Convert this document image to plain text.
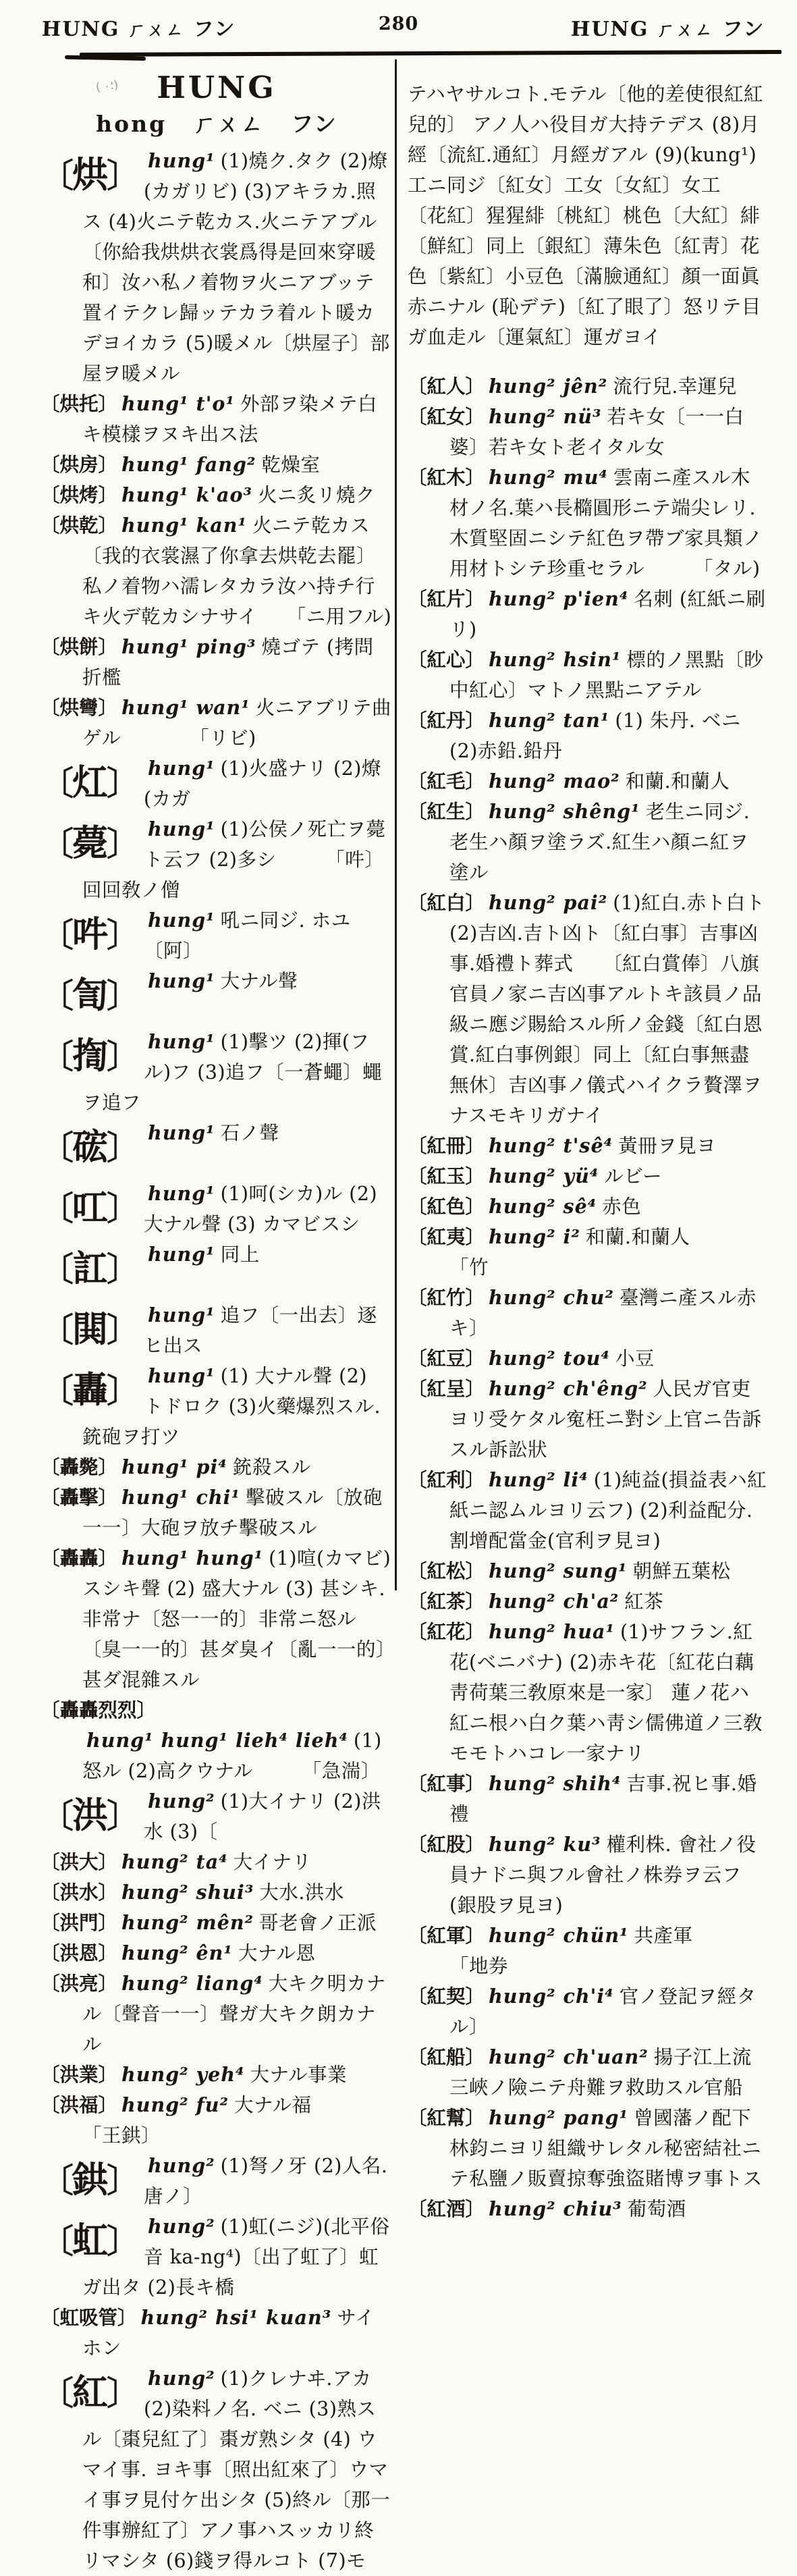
HUNG ㄏㄨㄥ フン	280	HUNG ㄏㄨㄥ フン
( ؛٠)	HUNG
hong ㄏㄨㄥ フン

〔烘〕 hung¹ (1)燒ク.タク (2)燎(カガリビ) (3)アキラカ.照ス (4)火ニテ乾カス.火ニテアブル〔你給我烘烘衣裳爲得是回來穿暖和〕汝ハ私ノ着物ヲ火ニアブッテ置イテクレ歸ッテカラ着ルト暖カデヨイカラ (5)暖メル〔烘屋子〕部屋ヲ暖メル

〔烘托〕 hung¹ t'o¹ 外部ヲ染メテ白キ模樣ヲヌキ出ス法

〔烘房〕 hung¹ fang² 乾燥室

〔烘烤〕 hung¹ k'ao³ 火ニ炙リ燒ク

〔烘乾〕 hung¹ kan¹ 火ニテ乾カス〔我的衣裳濕了你拿去烘乾去罷〕私ノ着物ハ濡レタカラ汝ハ持チ行キ火デ乾カシナサイ　　「ニ用フル)

〔烘餅〕 hung¹ ping³ 燒ゴテ (拷問折檻

〔烘彎〕 hung¹ wan¹ 火ニアブリテ曲ゲル　　　　「リビ)

〔灴〕 hung¹ (1)火盛ナリ (2)燎(カガ

〔薨〕 hung¹ (1)公侯ノ死亡ヲ薨ト云フ (2)多シ　　　「吽〕回回敎ノ僧

〔吽〕 hung¹ 吼ニ同ジ. ホユ　　〔阿〕

〔訇〕 hung¹ 大ナル聲

〔揈〕 hung¹ (1)擊ツ (2)揮(フル)フ (3)追フ〔一蒼蠅〕蠅ヲ追フ

〔硡〕 hung¹ 石ノ聲

〔叿〕 hung¹ (1)呵(シカ)ル (2)大ナル聲 (3) カマビスシ

〔訌〕 hung¹ 同上

〔閧〕 hung¹ 追フ〔一出去〕逐ヒ出ス

〔轟〕 hung¹ (1) 大ナル聲 (2) トドロク (3)火藥爆烈スル.銃砲ヲ打ツ

〔轟斃〕 hung¹ pi⁴ 銃殺スル

〔轟擊〕 hung¹ chi¹ 擊破スル〔放砲一一〕大砲ヲ放チ擊破スル

〔轟轟〕 hung¹ hung¹ (1)喧(カマビ)スシキ聲 (2) 盛大ナル (3) 甚シキ.非常ナ〔怒一一的〕非常ニ怒ル〔臭一一的〕甚ダ臭イ〔亂一一的〕甚ダ混雜スル

〔轟轟烈烈〕hung¹ hung¹ lieh⁴ lieh⁴ (1)怒ル (2)高クウナル　　　「急湍〕

〔洪〕 hung² (1)大イナリ (2)洪水 (3)〔

〔洪大〕 hung² ta⁴ 大イナリ

〔洪水〕 hung² shui³ 大水.洪水

〔洪門〕 hung² mên² 哥老會ノ正派

〔洪恩〕 hung² ên¹ 大ナル恩

〔洪亮〕 hung² liang⁴ 大キク明カナル〔聲音一一〕聲ガ大キク朗カナル

〔洪業〕 hung² yeh⁴ 大ナル事業

〔洪福〕 hung² fu² 大ナル福　　　「王鉷〕

〔鉷〕 hung² (1)弩ノ牙 (2)人名.唐ノ〕

〔虹〕 hung² (1)虹(ニジ)(北平俗音 ka-ng⁴)〔出了虹了〕虹ガ出タ (2)長キ橋

〔虹吸管〕 hung² hsi¹ kuan³ サイホン

〔紅〕 hung² (1)クレナヰ.アカ (2)染料ノ名. ベニ (3)熟スル〔棗兒紅了〕棗ガ熟シタ (4) ウマイ事. ヨキ事〔照出紅來了〕ウマイ事ヲ見付ケ出シタ (5)終ル〔那一件事辦紅了〕アノ事ハスッカリ終リマシタ (6)錢ヲ得ルコト (7)モ

テハヤサルコト.モテル〔他的差使很紅紅兒的〕 アノ人ハ役目ガ大持テデス (8)月經〔流紅.通紅〕月經ガアル (9)(kung¹) 工ニ同ジ〔紅女〕工女〔女紅〕女工　　〔花紅〕猩猩緋〔桃紅〕桃色〔大紅〕緋〔鮮紅〕同上〔銀紅〕薄朱色〔紅靑〕花色〔紫紅〕小豆色〔滿臉通紅〕顏一面眞赤ニナル (恥デテ)〔紅了眼了〕怒リテ目ガ血走ル〔運氣紅〕運ガヨイ

〔紅人〕 hung² jên² 流行兒.幸運兒

〔紅女〕 hung² nü³ 若キ女〔一一白婆〕若キ女ト老イタル女

〔紅木〕 hung² mu⁴ 雲南ニ產スル木材ノ名.葉ハ長橢圓形ニテ端尖レリ.木質堅固ニシテ紅色ヲ帶ブ家具類ノ用材トシテ珍重セラル　　　「タル)

〔紅片〕 hung² p'ien⁴ 名刺 (紅紙ニ刷リ)

〔紅心〕 hung² hsin¹ 標的ノ黑點〔眇中紅心〕マトノ黑點ニアテル

〔紅丹〕 hung² tan¹ (1) 朱丹. ベニ (2)赤鉛.鉛丹

〔紅毛〕 hung² mao² 和蘭.和蘭人

〔紅生〕 hung² shêng¹ 老生ニ同ジ.老生ハ顏ヲ塗ラズ.紅生ハ顏ニ紅ヲ塗ル

〔紅白〕 hung² pai² (1)紅白.赤ト白ト (2)吉凶.吉ト凶ト〔紅白事〕吉事凶事.婚禮ト葬式　　〔紅白賞俸〕八旗官員ノ家ニ吉凶事アルトキ該員ノ品級ニ應ジ賜給スル所ノ金錢〔紅白恩賞.紅白事例銀〕同上〔紅白事無盡無休〕吉凶事ノ儀式ハイクラ贅澤ヲナスモキリガナイ

〔紅冊〕 hung² t'sê⁴ 黃冊ヲ見ヨ

〔紅玉〕 hung² yü⁴ ルビー

〔紅色〕 hung² sê⁴ 赤色

〔紅夷〕 hung² i² 和蘭.和蘭人　　　「竹

〔紅竹〕 hung² chu² 臺灣ニ產スル赤キ〕

〔紅豆〕 hung² tou⁴ 小豆

〔紅呈〕 hung² ch'êng² 人民ガ官吏ヨリ受ケタル寃枉ニ對シ上官ニ告訴スル訴訟狀

〔紅利〕 hung² li⁴ (1)純益(損益表ハ紅紙ニ認ムルヨリ云フ) (2)利益配分. 割增配當金(官利ヲ見ヨ)

〔紅松〕 hung² sung¹ 朝鮮五葉松

〔紅茶〕 hung² ch'a² 紅茶

〔紅花〕 hung² hua¹ (1)サフラン.紅花(ベニバナ) (2)赤キ花〔紅花白藕靑荷葉三敎原來是一家〕 蓮ノ花ハ紅ニ根ハ白ク葉ハ靑シ儒佛道ノ三敎モモトハコレ一家ナリ

〔紅事〕 hung² shih⁴ 吉事.祝ヒ事.婚禮

〔紅股〕 hung² ku³ 權利株. 會社ノ役員ナドニ與フル會社ノ株券ヲ云フ (銀股ヲ見ヨ)

〔紅軍〕 hung² chün¹ 共產軍　　　「地券

〔紅契〕 hung² ch'i⁴ 官ノ登記ヲ經タル〕

〔紅船〕 hung² ch'uan² 揚子江上流三峽ノ險ニテ舟難ヲ救助スル官船

〔紅幫〕 hung² pang¹ 曾國藩ノ配下林鈞ニヨリ組織サレタル秘密結社ニテ私鹽ノ販賣掠奪強盜賭博ヲ事トス

〔紅酒〕 hung² chiu³ 葡萄酒
